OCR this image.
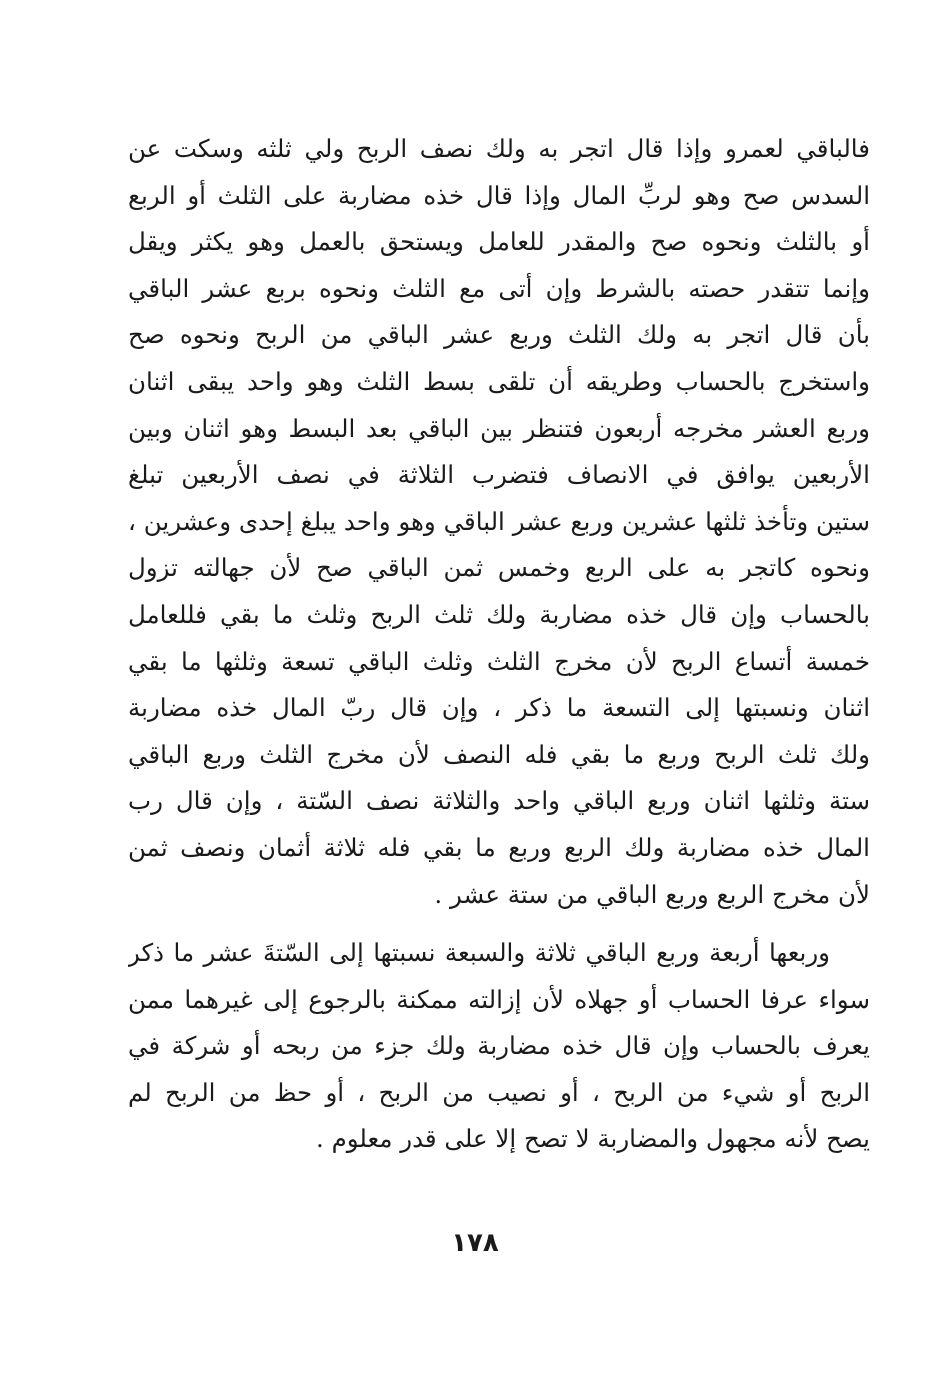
فالباقي لعمرو وإذا قال اتجر به ولك نصف الربح ولي ثلثه وسكت عن
السدس صح وهو لربِّ المال وإذا قال خذه مضاربة على الثلث أو الربع
أو بالثلث ونحوه صح والمقدر للعامل ويستحق بالعمل وهو يكثر ويقل
وإنما تتقدر حصته بالشرط وإن أتى مع الثلث ونحوه بربع عشر الباقي
بأن قال اتجر به ولك الثلث وربع عشر الباقي من الربح ونحوه صح
واستخرج بالحساب وطريقه أن تلقى بسط الثلث وهو واحد يبقى اثنان
وربع العشر مخرجه أربعون فتنظر بين الباقي بعد البسط وهو اثنان وبين
الأربعين يوافق في الانصاف فتضرب الثلاثة في نصف الأربعين تبلغ
ستين وتأخذ ثلثها عشرين وربع عشر الباقي وهو واحد يبلغ إحدى وعشرين ،
ونحوه كاتجر به على الربع وخمس ثمن الباقي صح لأن جهالته تزول
بالحساب وإن قال خذه مضاربة ولك ثلث الربح وثلث ما بقي فللعامل
خمسة أتساع الربح لأن مخرج الثلث وثلث الباقي تسعة وثلثها ما بقي
اثنان ونسبتها إلى التسعة ما ذكر ، وإن قال ربّ المال خذه مضاربة
ولك ثلث الربح وربع ما بقي فله النصف لأن مخرج الثلث وربع الباقي
ستة وثلثها اثنان وربع الباقي واحد والثلاثة نصف السّتة ، وإن قال رب
المال خذه مضاربة ولك الربع وربع ما بقي فله ثلاثة أثمان ونصف ثمن
لأن مخرج الربع وربع الباقي من ستة عشر .
وربعها أربعة وربع الباقي ثلاثة والسبعة نسبتها إلى السّتةَ عشر ما ذكر
سواء عرفا الحساب أو جهلاه لأن إزالته ممكنة بالرجوع إلى غيرهما ممن
يعرف بالحساب وإن قال خذه مضاربة ولك جزء من ربحه أو شركة في
الربح أو شيء من الربح ، أو نصيب من الربح ، أو حظ من الربح لم
يصح لأنه مجهول والمضاربة لا تصح إلا على قدر معلوم .
١٧٨
